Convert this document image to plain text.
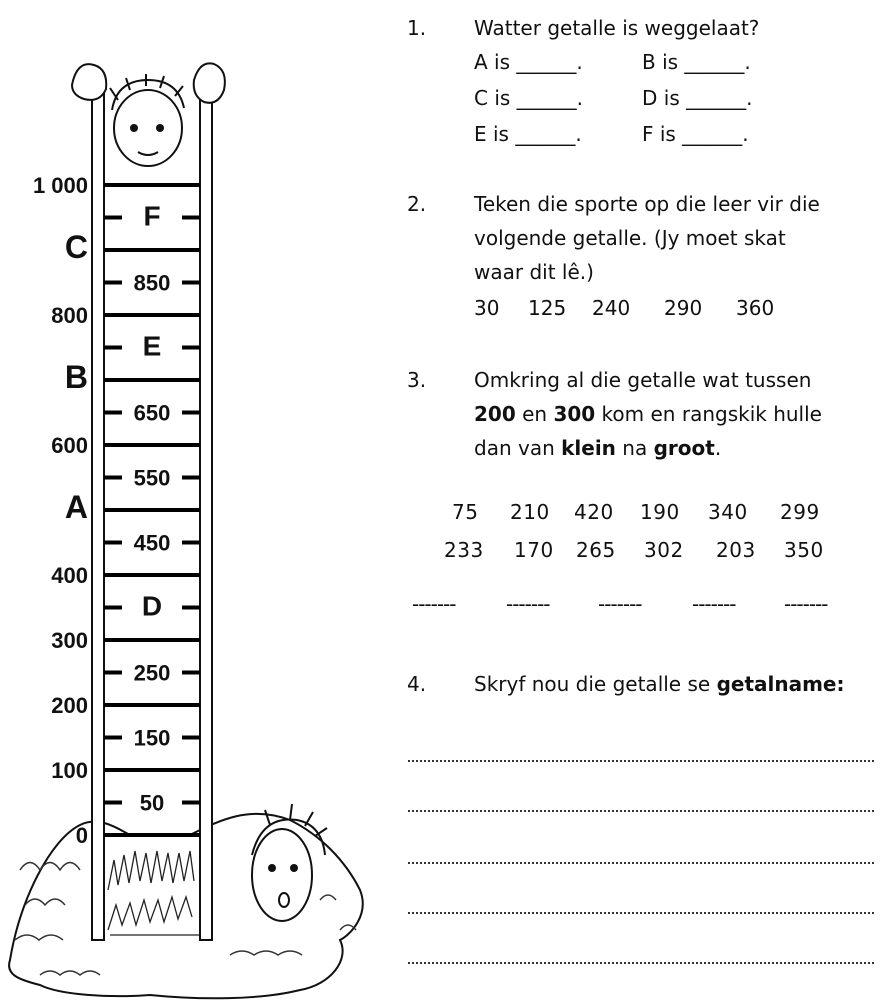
1 000
C
800
B
600
A
400
300
200
100
0
F
850
E
650
550
450
D
250
150
50
1. Watter getalle is weggelaat?
A is ______.	B is ______.
C is ______.	D is ______.
E is ______.	F is ______.
2. Teken die sporte op die leer vir die
volgende getalle. (Jy moet skat
waar dit lê.)
30 125 240 290 360
3. Omkring al die getalle wat tussen
200 en 300 kom en rangskik hulle
dan van klein na groot.
75 210 420 190 340 299
233 170 265 302 203 350
-------	------- -------	------- -------
4. Skryf nou die getalle se getalname:
